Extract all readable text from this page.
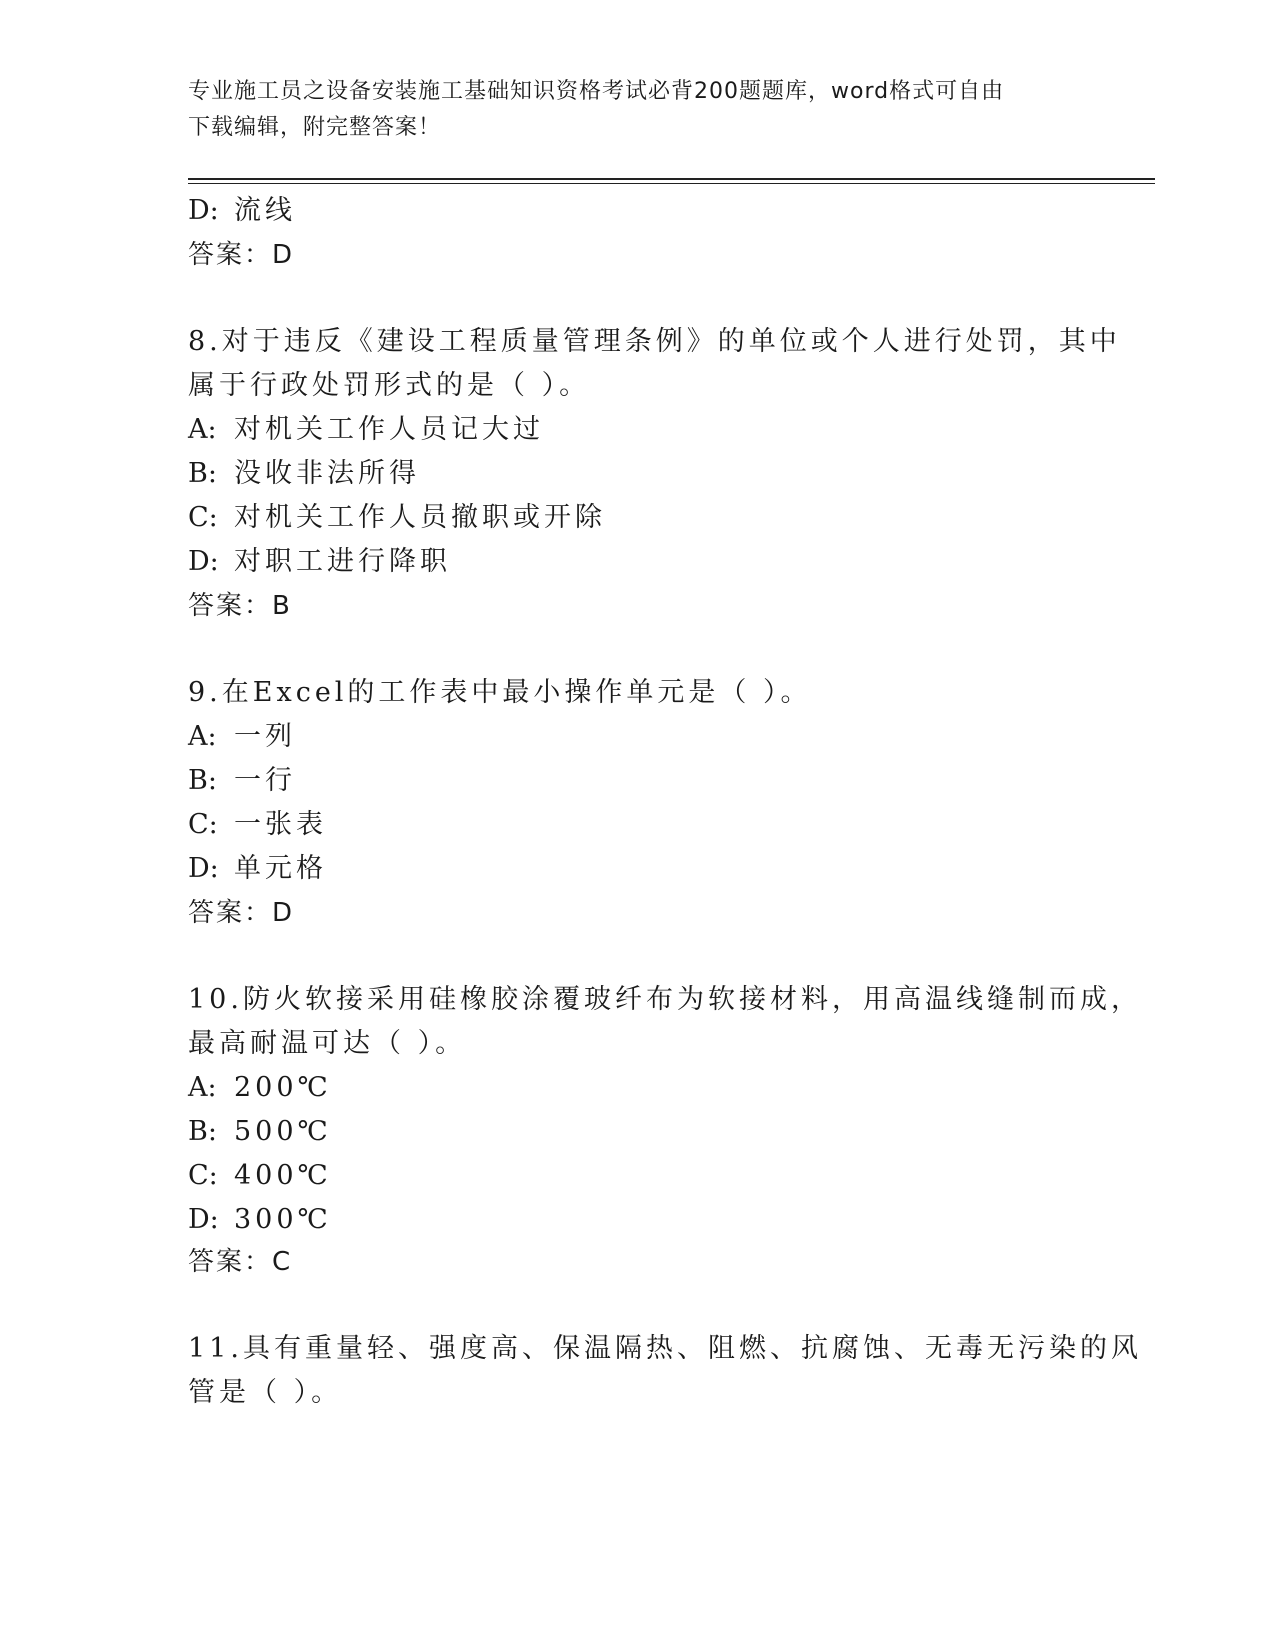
专业施工员之设备安装施工基础知识资格考试必背200题题库，word格式可自由
下载编辑，附完整答案！
D: 流线
答案：D
8.对于违反《建设工程质量管理条例》的单位或个人进行处罚，其中
属于行政处罚形式的是（ ）。
A: 对机关工作人员记大过
B: 没收非法所得
C: 对机关工作人员撤职或开除
D: 对职工进行降职
答案：B
9.在Excel的工作表中最小操作单元是（ ）。
A: 一列
B: 一行
C: 一张表
D: 单元格
答案：D
10.防火软接采用硅橡胶涂覆玻纤布为软接材料，用高温线缝制而成，
最高耐温可达（ ）。
A: 200℃
B: 500℃
C: 400℃
D: 300℃
答案：C
11.具有重量轻、强度高、保温隔热、阻燃、抗腐蚀、无毒无污染的风
管是（ ）。
